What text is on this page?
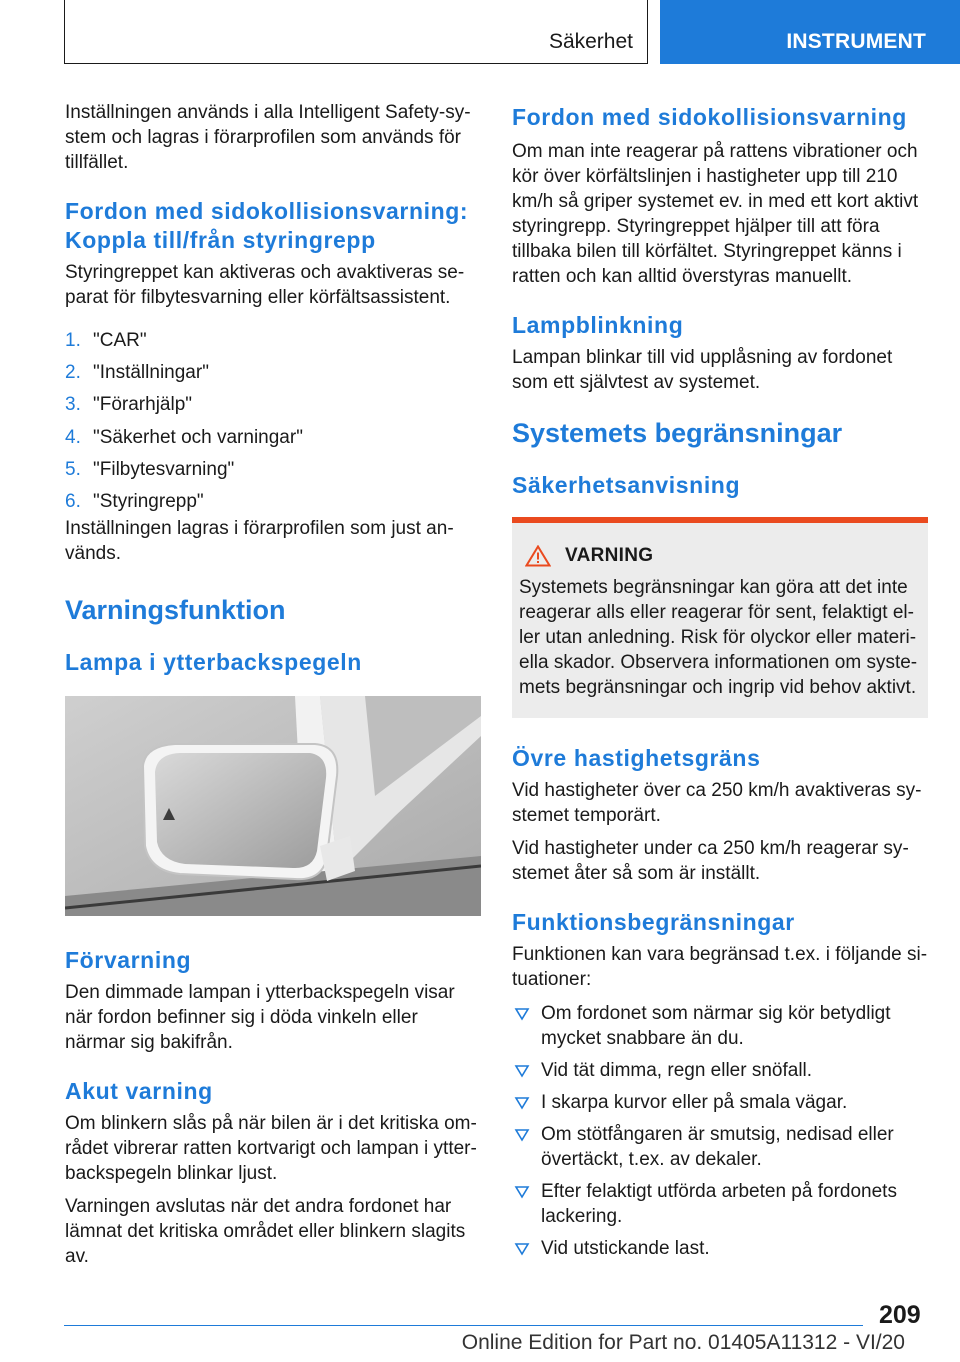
Säkerhet	INSTRUMENT

Inställningen används i alla Intelligent Safety-system och lagras i förarprofilen som används för tillfället.

Fordon med sidokollisionsvarning: Koppla till/från styringrepp

Styringreppet kan aktiveras och avaktiveras separat för filbytesvarning eller körfältsassistent.

1. "CAR"
2. "Inställningar"
3. "Förarhjälp"
4. "Säkerhet och varningar"
5. "Filbytesvarning"
6. "Styringrepp"

Inställningen lagras i förarprofilen som just används.

Varningsfunktion
Lampa i ytterbackspegeln
Förvarning

Den dimmade lampan i ytterbackspegeln visar när fordon befinner sig i döda vinkeln eller närmar sig bakifrån.

Akut varning

Om blinkern slås på när bilen är i det kritiska området vibrerar ratten kortvarigt och lampan i ytterbackspegeln blinkar ljust.

Varningen avslutas när det andra fordonet har lämnat det kritiska området eller blinkern slagits av.

Fordon med sidokollisionsvarning

Om man inte reagerar på rattens vibrationer och kör över körfältslinjen i hastigheter upp till 210 km/h så griper systemet ev. in med ett kort aktivt styringrepp. Styringreppet hjälper till att föra tillbaka bilen till körfältet. Styringreppet känns i ratten och kan alltid överstyras manuellt.

Lampblinkning

Lampan blinkar till vid upplåsning av fordonet som ett självtest av systemet.

Systemets begränsningar
Säkerhetsanvisning
VARNING

Systemets begränsningar kan göra att det inte reagerar alls eller reagerar för sent, felaktigt eller utan anledning. Risk för olyckor eller materiella skador. Observera informationen om systemets begränsningar och ingrip vid behov aktivt.

Övre hastighetsgräns

Vid hastigheter över ca 250 km/h avaktiveras systemet temporärt.

Vid hastigheter under ca 250 km/h reagerar systemet åter så som är inställt.

Funktionsbegränsningar

Funktionen kan vara begränsad t.ex. i följande situationer:

Om fordonet som närmar sig kör betydligt mycket snabbare än du.
Vid tät dimma, regn eller snöfall.
I skarpa kurvor eller på smala vägar.
Om stötfångaren är smutsig, nedisad eller övertäckt, t.ex. av dekaler.
Efter felaktigt utförda arbeten på fordonets lackering.
Vid utstickande last.
209
Online Edition for Part no. 01405A11312 - VI/20
